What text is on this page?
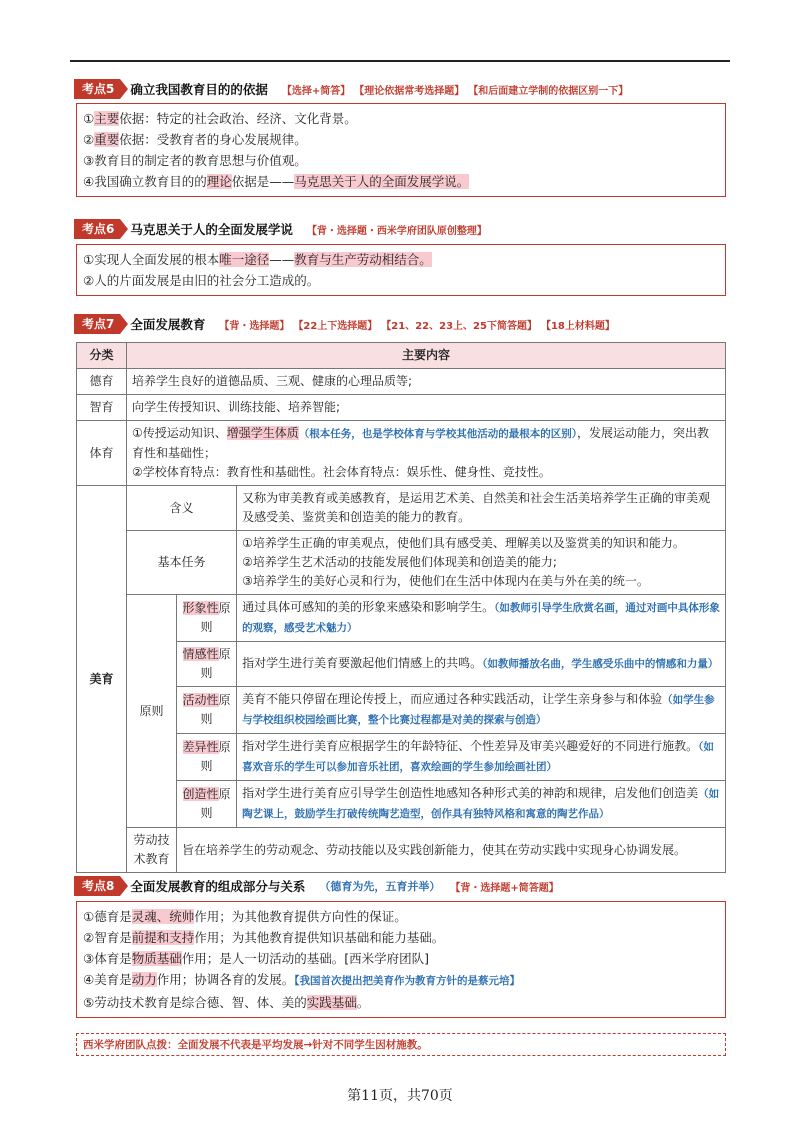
考点5	确立我国教育目的的依据 【选择+简答】 【理论依据常考选择题】 【和后面建立学制的依据区别一下】
①主要依据：特定的社会政治、经济、文化背景。
②重要依据：受教育者的身心发展规律。
③教育目的制定者的教育思想与价值观。
④我国确立教育目的的理论依据是——马克思关于人的全面发展学说。
考点6	马克思关于人的全面发展学说 【背・选择题・西米学府团队原创整理】
①实现人全面发展的根本唯一途径——教育与生产劳动相结合。
②人的片面发展是由旧的社会分工造成的。
考点7	全面发展教育 【背・选择题】 【22上下选择题】 【21、22、23上、25下简答题】 【18上材料题】
分类	主要内容		
德育	培养学生良好的道德品质、三观、健康的心理品质等;		
智育	向学生传授知识、训练技能、培养智能;		
体育	①传授运动知识、增强学生体质（根本任务，也是学校体育与学校其他活动的最根本的区别），发展运动能力，突出教育性和基础性；
②学校体育特点：教育性和基础性。社会体育特点：娱乐性、健身性、竞技性。		

美育	含义		又称为审美教育或美感教育，是运用艺术美、自然美和社会生活美培养学生正确的审美观及感受美、鉴赏美和创造美的能力的教育。
	基本任务		①培养学生正确的审美观点，使他们具有感受美、理解美以及鉴赏美的知识和能力。
②培养学生艺术活动的技能发展他们体现美和创造美的能力;
③培养学生的美好心灵和行为，使他们在生活中体现内在美与外在美的统一。

	原则	形象性原则	通过具体可感知的美的形象来感染和影响学生。（如教师引导学生欣赏名画，通过对画中具体形象的观察，感受艺术魅力）
		情感性原则	指对学生进行美育要激起他们情感上的共鸣。（如教师播放名曲，学生感受乐曲中的情感和力量）
		活动性原则	美育不能只停留在理论传授上，而应通过各种实践活动，让学生亲身参与和体验（如学生参与学校组织校园绘画比赛，整个比赛过程都是对美的探索与创造）
		差异性原则	指对学生进行美育应根据学生的年龄特征、个性差异及审美兴趣爱好的不同进行施教。（如喜欢音乐的学生可以参加音乐社团，喜欢绘画的学生参加绘画社团）
		创造性原则	指对学生进行美育应引导学生创造性地感知各种形式美的神韵和规律，启发他们创造美（如陶艺课上，鼓励学生打破传统陶艺造型，创作具有独特风格和寓意的陶艺作品）
	劳动技术教育	旨在培养学生的劳动观念、劳动技能以及实践创新能力，使其在劳动实践中实现身心协调发展。	
考点8	全面发展教育的组成部分与关系 （德育为先，五育并举） 【背・选择题+简答题】
①德育是灵魂、统帅作用；为其他教育提供方向性的保证。
②智育是前提和支持作用；为其他教育提供知识基础和能力基础。
③体育是物质基础作用；是人一切活动的基础。[西米学府团队]
④美育是动力作用；协调各育的发展。【我国首次提出把美育作为教育方针的是蔡元培】
⑤劳动技术教育是综合德、智、体、美的实践基础。
西米学府团队点拨：全面发展不代表是平均发展→针对不同学生因材施教。
第11页，共70页
